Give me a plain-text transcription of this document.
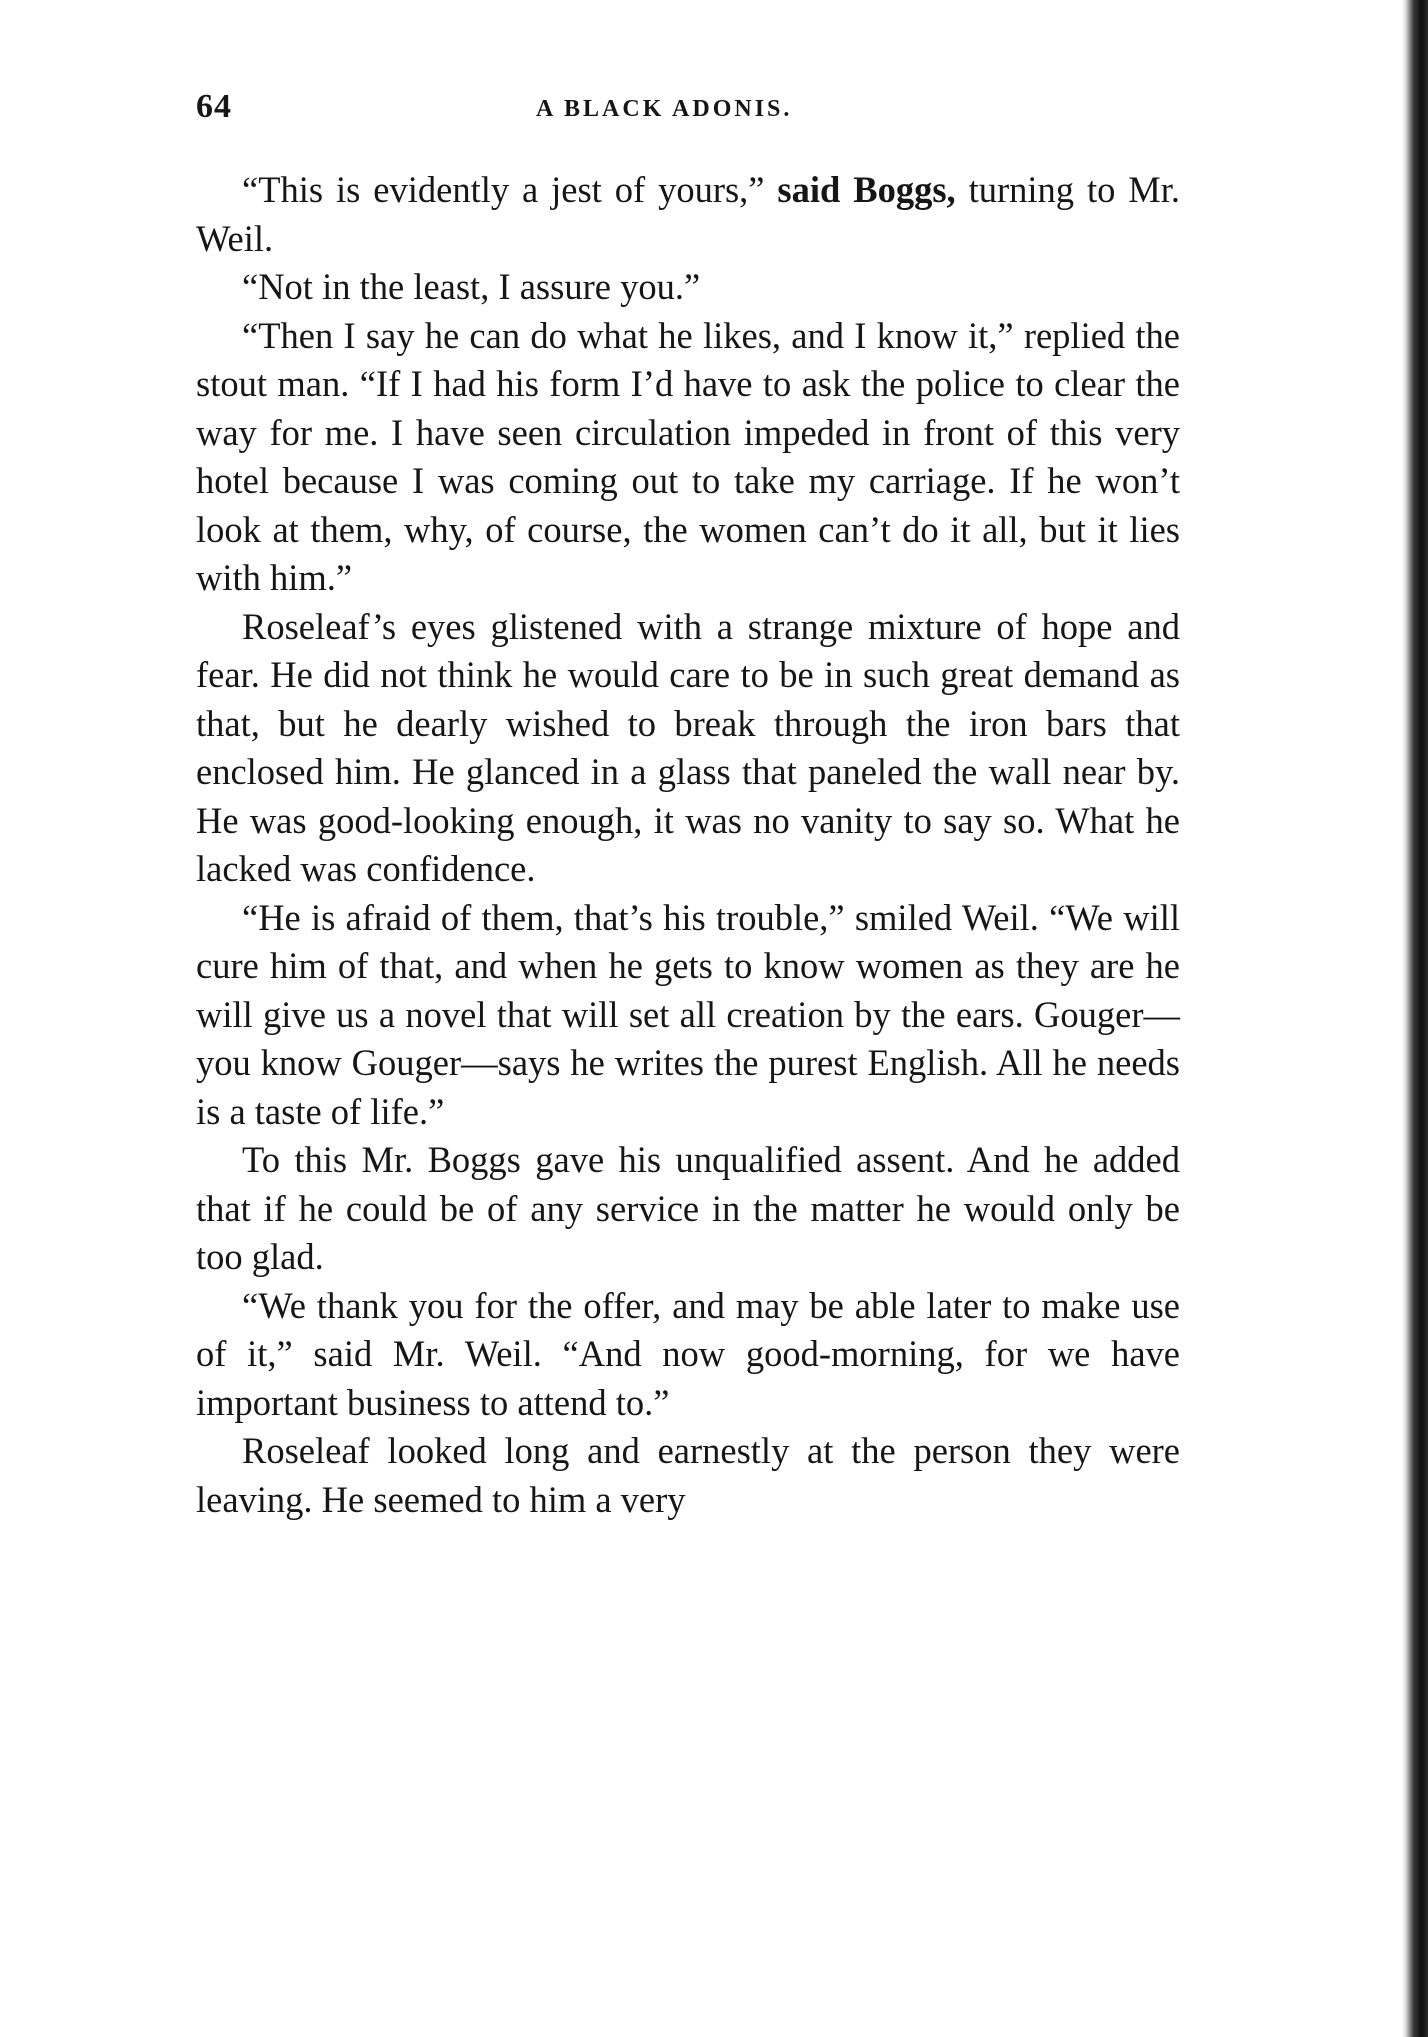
64	A BLACK ADONIS.

“This is evidently a jest of yours,” said Boggs, turning to Mr. Weil.

“Not in the least, I assure you.”

“Then I say he can do what he likes, and I know it,” replied the stout man. “If I had his form I’d have to ask the police to clear the way for me. I have seen circulation impeded in front of this very hotel because I was coming out to take my carriage. If he won’t look at them, why, of course, the women can’t do it all, but it lies with him.”

Roseleaf’s eyes glistened with a strange mixture of hope and fear. He did not think he would care to be in such great demand as that, but he dearly wished to break through the iron bars that enclosed him. He glanced in a glass that paneled the wall near by. He was good-looking enough, it was no vanity to say so. What he lacked was confidence.

“He is afraid of them, that’s his trouble,” smiled Weil. “We will cure him of that, and when he gets to know women as they are he will give us a novel that will set all creation by the ears. Gouger—you know Gouger—says he writes the purest English. All he needs is a taste of life.”

To this Mr. Boggs gave his unqualified assent. And he added that if he could be of any service in the matter he would only be too glad.

“We thank you for the offer, and may be able later to make use of it,” said Mr. Weil. “And now good-morning, for we have important business to attend to.”

Roseleaf looked long and earnestly at the person they were leaving. He seemed to him a very
